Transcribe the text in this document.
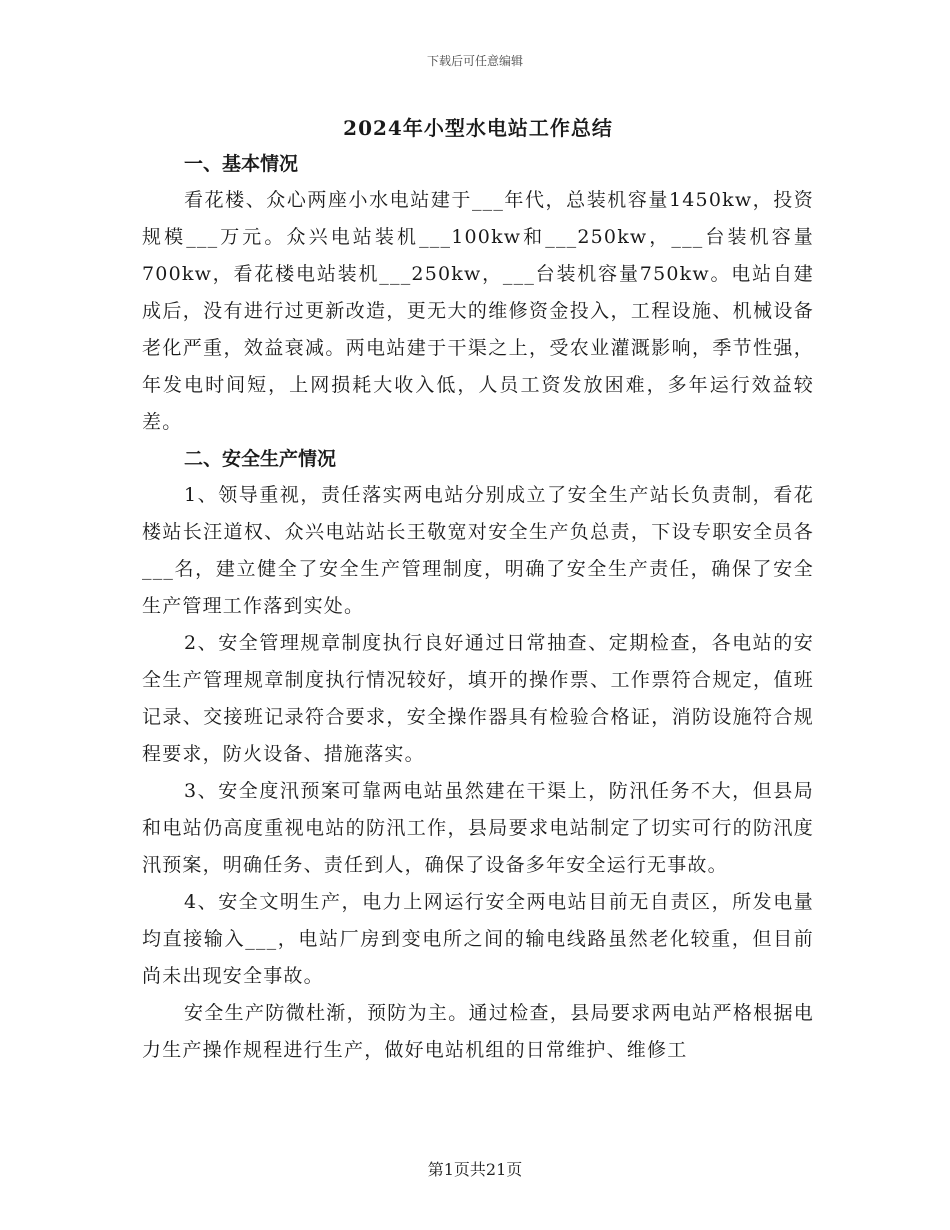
下载后可任意编辑
2024年小型水电站工作总结
一、基本情况

看花楼、众心两座小水电站建于___年代，总装机容量1450kw，投资规模___万元。众兴电站装机___100kw和___250kw，___台装机容量700kw，看花楼电站装机___250kw，___台装机容量750kw。电站自建成后，没有进行过更新改造，更无大的维修资金投入，工程设施、机械设备老化严重，效益衰减。两电站建于干渠之上，受农业灌溉影响，季节性强，年发电时间短，上网损耗大收入低，人员工资发放困难，多年运行效益较差。

二、安全生产情况

1、领导重视，责任落实两电站分别成立了安全生产站长负责制，看花楼站长汪道权、众兴电站站长王敬宽对安全生产负总责，下设专职安全员各___名，建立健全了安全生产管理制度，明确了安全生产责任，确保了安全生产管理工作落到实处。

2、安全管理规章制度执行良好通过日常抽查、定期检查，各电站的安全生产管理规章制度执行情况较好，填开的操作票、工作票符合规定，值班记录、交接班记录符合要求，安全操作器具有检验合格证，消防设施符合规程要求，防火设备、措施落实。

3、安全度汛预案可靠两电站虽然建在干渠上，防汛任务不大，但县局和电站仍高度重视电站的防汛工作，县局要求电站制定了切实可行的防汛度汛预案，明确任务、责任到人，确保了设备多年安全运行无事故。

4、安全文明生产，电力上网运行安全两电站目前无自责区，所发电量均直接输入___，电站厂房到变电所之间的输电线路虽然老化较重，但目前尚未出现安全事故。

安全生产防微杜渐，预防为主。通过检查，县局要求两电站严格根据电力生产操作规程进行生产，做好电站机组的日常维护、维修工

第1页共21页
